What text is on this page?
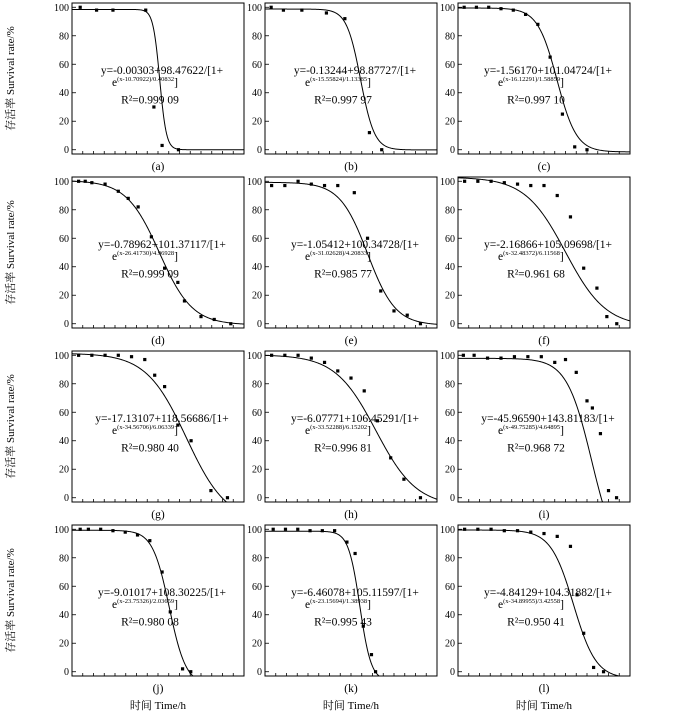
0
20
40
60
80
100
y=-0.00303+98.47622/[1+
$e^{(x-10.70922)/0.40832}$]
R²=0.999 09
(a)
0
20
40
60
80
100
y=-0.13244+98.87727/[1+
$e^{(x-15.55824)/1.13385}$]
R²=0.997 97
(b)
0
20
40
60
80
100
y=-1.56170+101.04724/[1+
$e^{(x-16.12291)/1.58859}$]
R²=0.997 10
(c)
0
20
40
60
80
100
y=-0.78962+101.37117/[1+
$e^{(x-26.41730)/4.96928}$]
R²=0.999 09
(d)
0
20
40
60
80
100
y=-1.05412+100.34728/[1+
$e^{(x-31.02628)/4.20833}$]
R²=0.985 77
(e)
0
20
40
60
80
100
y=-2.16866+105.09698/[1+
$e^{(x-32.48372)/6.11568}$]
R²=0.961 68
(f)
0
20
40
60
80
100
y=-17.13107+118.56686/[1+
$e^{(x-34.56706)/6.06339}$]
R²=0.980 40
(g)
0
20
40
60
80
100
y=-6.07771+106.45291/[1+
$e^{(x-33.52288)/6.15202}$]
R²=0.996 81
(h)
0
20
40
60
80
100
y=-45.96590+143.81183/[1+
$e^{(x-49.75285)/4.64895}$]
R²=0.968 72
(i)
0
20
40
60
80
100
y=-9.01017+108.30225/[1+
$e^{(x-23.75326)/2.03659}$]
R²=0.980 08
(j)
0
20
40
60
80
100
y=-6.46078+105.11597/[1+
$e^{(x-23.15694)/1.38938}$]
R²=0.995 43
(k)
0
20
40
60
80
100
y=-4.84129+104.31882/[1+
$e^{(x-34.89955)/3.42558}$]
R²=0.950 41
(l)
存活率 Survival rate/%
存活率 Survival rate/%
存活率 Survival rate/%
存活率 Survival rate/%
时间 Time/h	时间 Time/h	时间 Time/h
